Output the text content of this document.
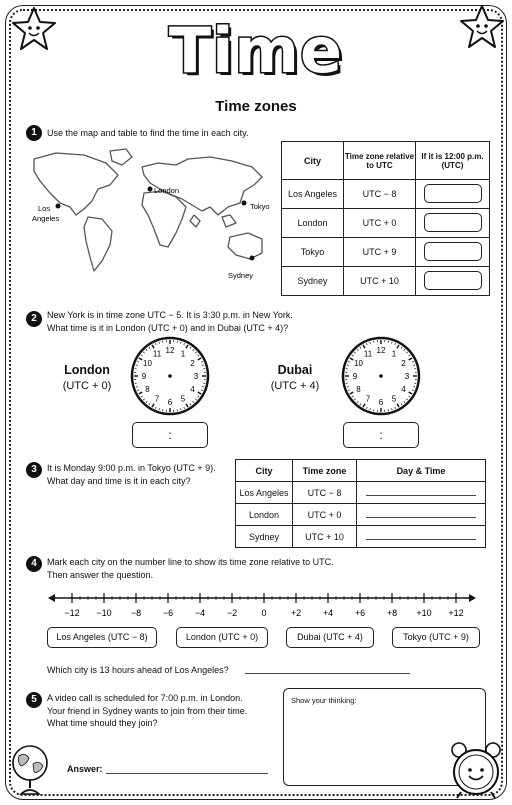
Time
Time zones
1	Use the map and table to find the time in each city.
London
Los
Angeles
Tokyo
Sydney
City	Time zone relative to UTC	If it is 12:00 p.m. (UTC)
Los Angeles	UTC − 8	
London	UTC + 0	
Tokyo	UTC + 9	
Sydney	UTC + 10	
2	New York is in time zone UTC − 5. It is 3:30 p.m. in New York.
What time is it in London (UTC + 0) and in Dubai (UTC + 4)?
London
(UTC + 0)
Dubai
(UTC + 4)
12 1
2
3
4
5
6
7
8
9
10
11	12 1
2
3
4
5
6
7
8
9
10
11
:	:
3	It is Monday 9:00 p.m. in Tokyo (UTC + 9).
What day and time is it in each city?
City	Time zone	Day & Time
Los Angeles	UTC − 8	
London	UTC + 0	
Sydney	UTC + 10	
4	Mark each city on the number line to show its time zone relative to UTC.
Then answer the question.
−12 −10 −8 −6 −4 −2	0	+2 +4 +6 +8 +10 +12
Los Angeles (UTC − 8)	London (UTC + 0)	Dubai (UTC + 4)	Tokyo (UTC + 9)
Which city is 13 hours ahead of Los Angeles?
5	A video call is scheduled for 7:00 p.m. in London.
Your friend in Sydney wants to join from their time.
What time should they join?
Show your thinking:
Answer:
